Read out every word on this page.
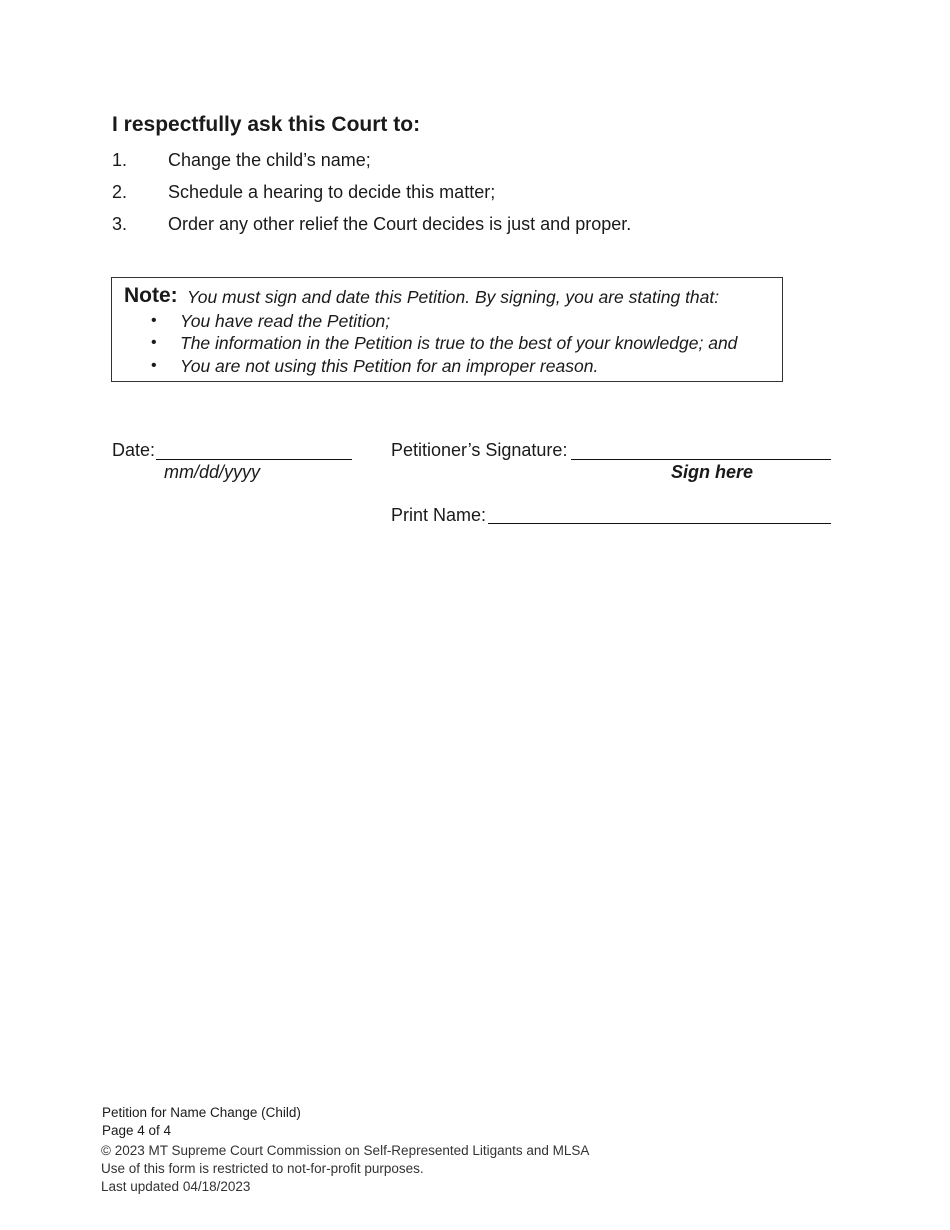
I respectfully ask this Court to:
1. Change the child’s name;
2. Schedule a hearing to decide this matter;
3. Order any other relief the Court decides is just and proper.
Note: You must sign and date this Petition. By signing, you are stating that:
• You have read the Petition;
• The information in the Petition is true to the best of your knowledge; and
• You are not using this Petition for an improper reason.
Date:
mm/dd/yyyy
Petitioner’s Signature:
Sign here
Print Name:
Petition for Name Change (Child)
Page 4 of 4
© 2023 MT Supreme Court Commission on Self-Represented Litigants and MLSA
Use of this form is restricted to not-for-profit purposes.
Last updated 04/18/2023
